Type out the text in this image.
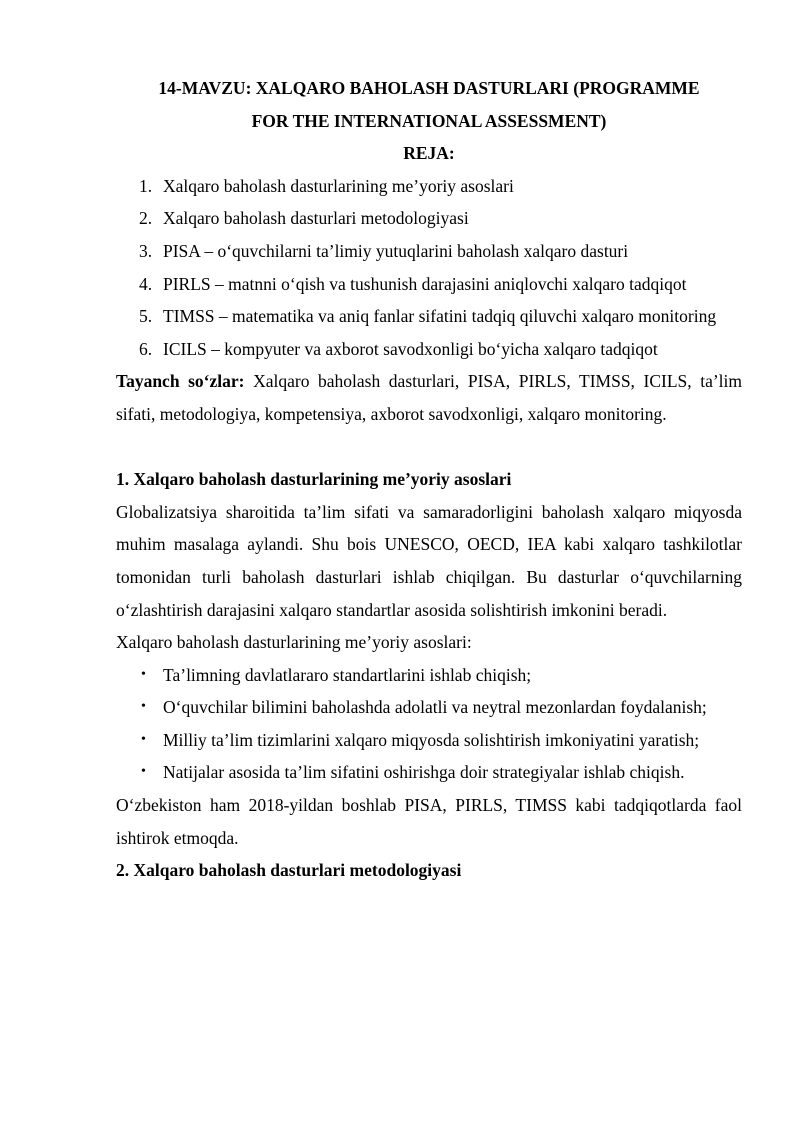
14-MAVZU: XALQARO BAHOLASH DASTURLARI (PROGRAMME
FOR THE INTERNATIONAL ASSESSMENT)
REJA:
1. Xalqaro baholash dasturlarining me’yoriy asoslari
2. Xalqaro baholash dasturlari metodologiyasi
3. PISA – o‘quvchilarni ta’limiy yutuqlarini baholash xalqaro dasturi
4. PIRLS – matnni o‘qish va tushunish darajasini aniqlovchi xalqaro tadqiqot
5. TIMSS – matematika va aniq fanlar sifatini tadqiq qiluvchi xalqaro monitoring
6. ICILS – kompyuter va axborot savodxonligi bo‘yicha xalqaro tadqiqot

Tayanch so‘zlar: Xalqaro baholash dasturlari, PISA, PIRLS, TIMSS, ICILS, ta’lim sifati, metodologiya, kompetensiya, axborot savodxonligi, xalqaro monitoring.

1. Xalqaro baholash dasturlarining me’yoriy asoslari

Globalizatsiya sharoitida ta’lim sifati va samaradorligini baholash xalqaro miqyosda muhim masalaga aylandi. Shu bois UNESCO, OECD, IEA kabi xalqaro tashkilotlar tomonidan turli baholash dasturlari ishlab chiqilgan. Bu dasturlar o‘quvchilarning o‘zlashtirish darajasini xalqaro standartlar asosida solishtirish imkonini beradi.

Xalqaro baholash dasturlarining me’yoriy asoslari:

• Ta’limning davlatlararo standartlarini ishlab chiqish;
• O‘quvchilar bilimini baholashda adolatli va neytral mezonlardan foydalanish;
• Milliy ta’lim tizimlarini xalqaro miqyosda solishtirish imkoniyatini yaratish;
• Natijalar asosida ta’lim sifatini oshirishga doir strategiyalar ishlab chiqish.

O‘zbekiston ham 2018-yildan boshlab PISA, PIRLS, TIMSS kabi tadqiqotlarda faol ishtirok etmoqda.

2. Xalqaro baholash dasturlari metodologiyasi
